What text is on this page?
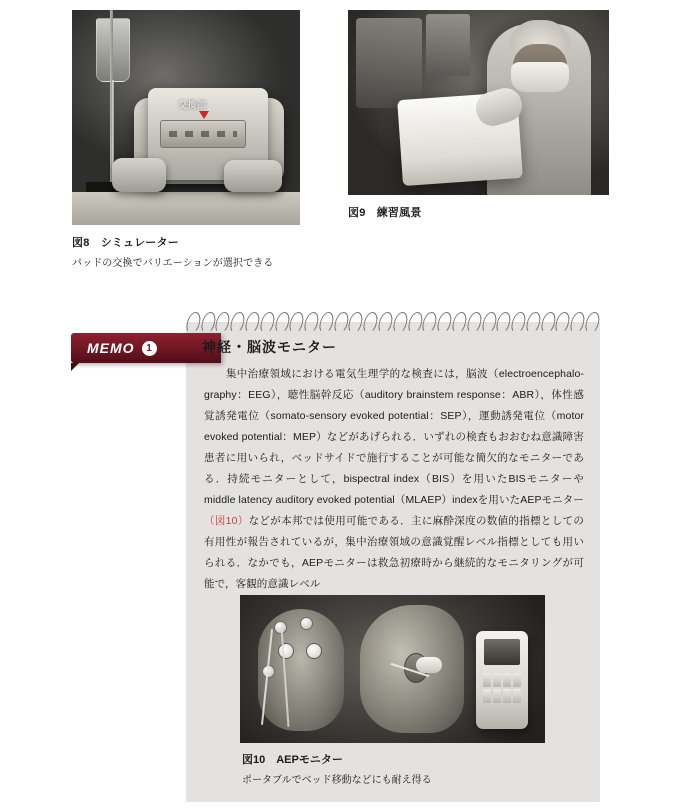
交換部
図8　シミュレーター
パッドの交換でバリエーションが選択できる
図9　練習風景
MEMO	1	神経・脳波モニター
　　集中治療領域における電気生理学的な検査には，脳波（electroencephalo-graphy：EEG），聴性脳幹反応（auditory brainstem response：ABR），体性感覚誘発電位（somato-sensory evoked potential：SEP），運動誘発電位（motor evoked potential：MEP）などがあげられる．いずれの検査もおおむね意識障害患者に用いられ，ベッドサイドで施行することが可能な簡欠的なモニターである．持続モニターとして，bispectral index（BIS）を用いたBISモニターやmiddle latency auditory evoked potential（MLAEP）indexを用いたAEPモニター（図10）などが本邦では使用可能である．主に麻酔深度の数値的指標としての有用性が報告されているが，集中治療領域の意識覚醒レベル指標としても用いられる．なかでも，AEPモニターは救急初療時から継続的なモニタリングが可能で，客観的意識レベル
図10　AEPモニター
ポータブルでベッド移動などにも耐え得る
